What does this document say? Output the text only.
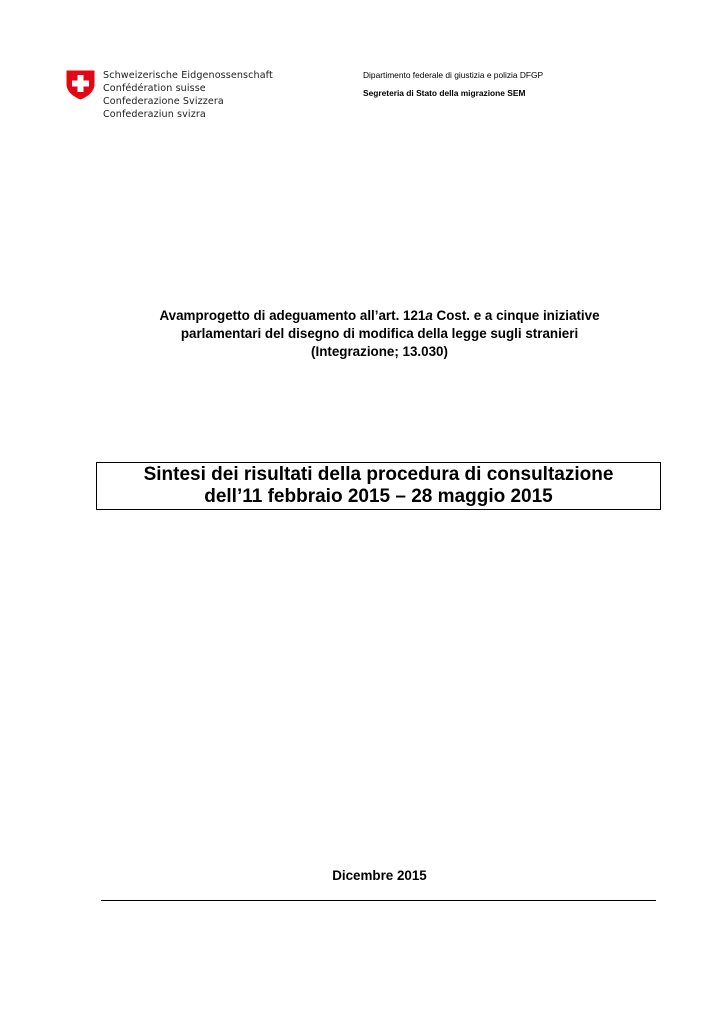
Schweizerische Eidgenossenschaft
Confédération suisse
Confederazione Svizzera
Confederaziun svizra
Dipartimento federale di giustizia e polizia DFGP
Segreteria di Stato della migrazione SEM
Avamprogetto di adeguamento all’art. 121a Cost. e a cinque iniziative
parlamentari del disegno di modifica della legge sugli stranieri
(Integrazione; 13.030)
Sintesi dei risultati della procedura di consultazione
dell’11 febbraio 2015 – 28 maggio 2015
Dicembre 2015
